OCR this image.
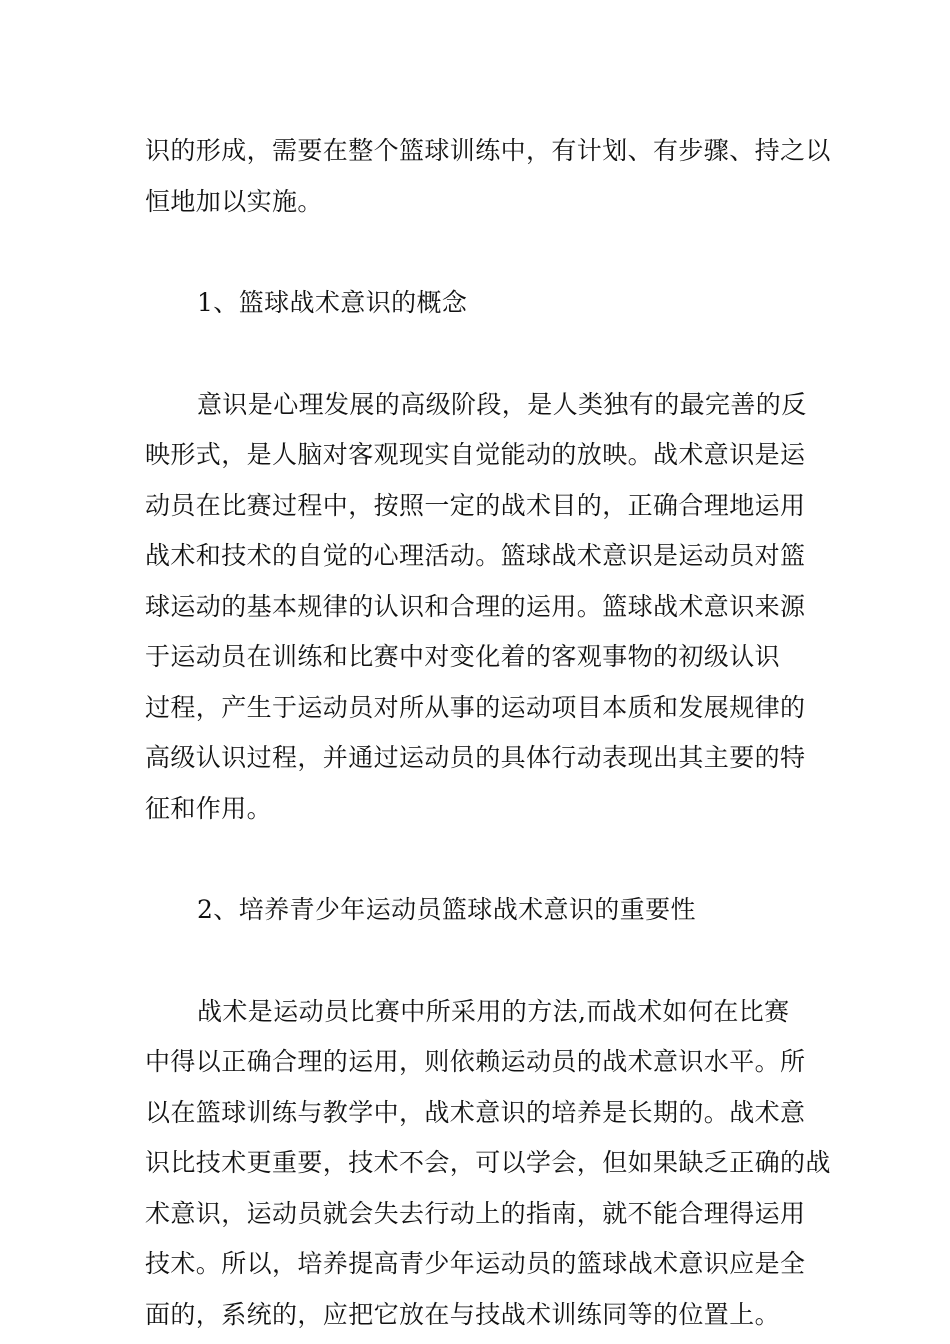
识的形成，需要在整个篮球训练中，有计划、有步骤、持之以
恒地加以实施。

1、篮球战术意识的概念

意识是心理发展的高级阶段，是人类独有的最完善的反
映形式，是人脑对客观现实自觉能动的放映。战术意识是运
动员在比赛过程中，按照一定的战术目的，正确合理地运用
战术和技术的自觉的心理活动。篮球战术意识是运动员对篮
球运动的基本规律的认识和合理的运用。篮球战术意识来源
于运动员在训练和比赛中对变化着的客观事物的初级认识
过程，产生于运动员对所从事的运动项目本质和发展规律的
高级认识过程，并通过运动员的具体行动表现出其主要的特
征和作用。

2、培养青少年运动员篮球战术意识的重要性

战术是运动员比赛中所采用的方法,而战术如何在比赛
中得以正确合理的运用，则依赖运动员的战术意识水平。所
以在篮球训练与教学中，战术意识的培养是长期的。战术意
识比技术更重要，技术不会，可以学会，但如果缺乏正确的战
术意识，运动员就会失去行动上的指南，就不能合理得运用
技术。所以，培养提高青少年运动员的篮球战术意识应是全
面的，系统的，应把它放在与技战术训练同等的位置上。
